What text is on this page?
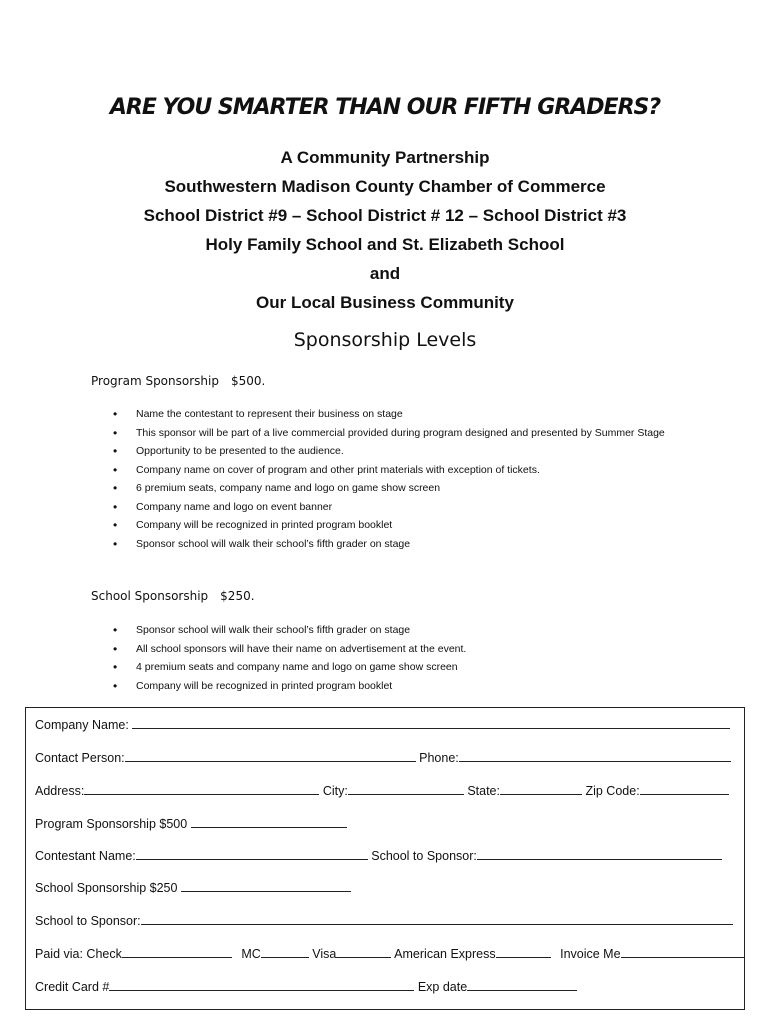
ARE YOU SMARTER THAN OUR FIFTH GRADERS?
A Community Partnership
Southwestern Madison County Chamber of Commerce
School District #9 – School District # 12 – School District #3
Holy Family School and St. Elizabeth School
and
Our Local Business Community
Sponsorship Levels
Program Sponsorship $500.
• Name the contestant to represent their business on stage
• This sponsor will be part of a live commercial provided during program designed and presented by Summer Stage
• Opportunity to be presented to the audience.
• Company name on cover of program and other print materials with exception of tickets.
• 6 premium seats, company name and logo on game show screen
• Company name and logo on event banner
• Company will be recognized in printed program booklet
• Sponsor school will walk their school’s fifth grader on stage
School Sponsorship $250.
• Sponsor school will walk their school’s fifth grader on stage
• All school sponsors will have their name on advertisement at the event.
• 4 premium seats and company name and logo on game show screen
• Company will be recognized in printed program booklet
Company Name:
Contact Person:	Phone:
Address:	City:	State:	Zip Code:
Program Sponsorship $500
Contestant Name:	School to Sponsor:
School Sponsorship $250
School to Sponsor:
Paid via: Check	MC	Visa	American Express	Invoice Me
Credit Card #	Exp date
